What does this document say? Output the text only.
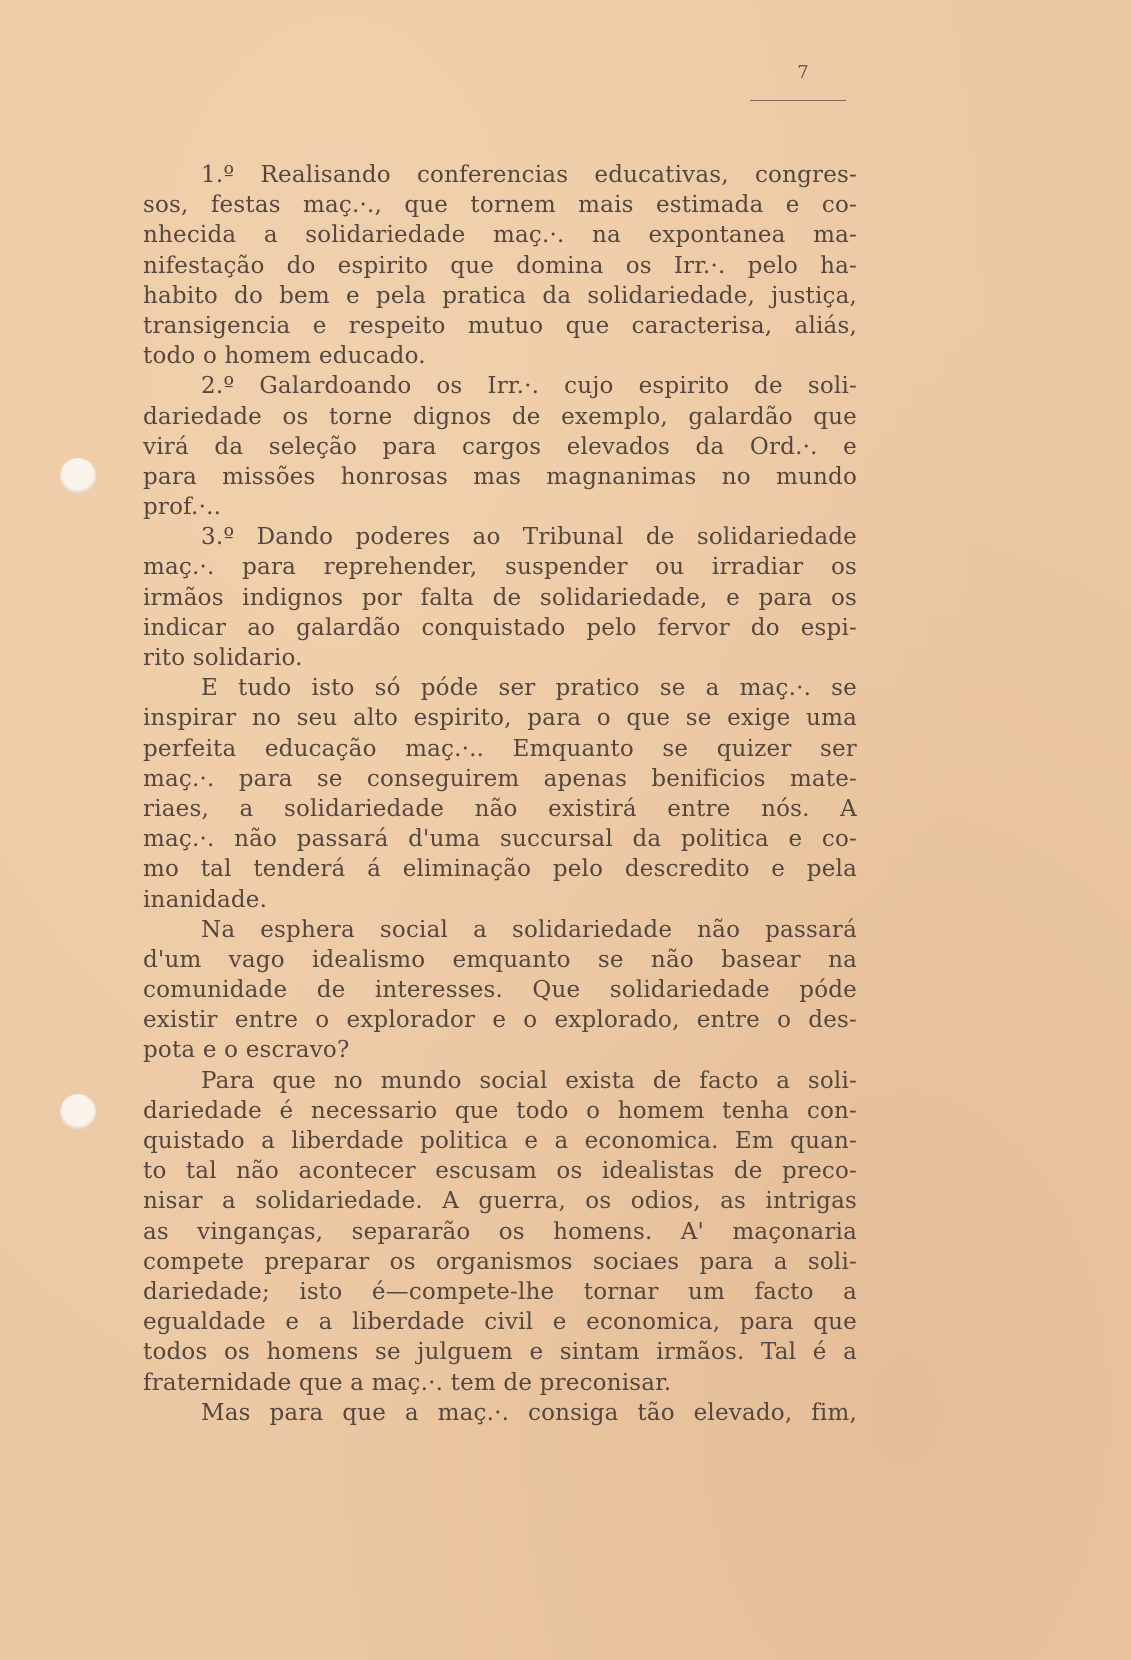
7
1.º Realisando conferencias educativas, congres-
sos, festas maç.·., que tornem mais estimada e co-
nhecida a solidariedade maç.·. na expontanea ma-
nifestação do espirito que domina os Irr.·. pelo ha-
habito do bem e pela pratica da solidariedade, justiça,
transigencia e respeito mutuo que caracterisa, aliás,
todo o homem educado.
2.º Galardoando os Irr.·. cujo espirito de soli-
dariedade os torne dignos de exemplo, galardão que
virá da seleção para cargos elevados da Ord.·. e
para missões honrosas mas magnanimas no mundo
prof.·..
3.º Dando poderes ao Tribunal de solidariedade
maç.·. para reprehender, suspender ou irradiar os
irmãos indignos por falta de solidariedade, e para os
indicar ao galardão conquistado pelo fervor do espi-
rito solidario.
E tudo isto só póde ser pratico se a maç.·. se
inspirar no seu alto espirito, para o que se exige uma
perfeita educação maç.·.. Emquanto se quizer ser
maç.·. para se conseguirem apenas benificios mate-
riaes, a solidariedade não existirá entre nós. A
maç.·. não passará d'uma succursal da politica e co-
mo tal tenderá á eliminação pelo descredito e pela
inanidade.
Na esphera social a solidariedade não passará
d'um vago idealismo emquanto se não basear na
comunidade de interesses. Que solidariedade póde
existir entre o explorador e o explorado, entre o des-
pota e o escravo?
Para que no mundo social exista de facto a soli-
dariedade é necessario que todo o homem tenha con-
quistado a liberdade politica e a economica. Em quan-
to tal não acontecer escusam os idealistas de preco-
nisar a solidariedade. A guerra, os odios, as intrigas
as vinganças, separarão os homens. A' maçonaria
compete preparar os organismos sociaes para a soli-
dariedade; isto é—compete-lhe tornar um facto a
egualdade e a liberdade civil e economica, para que
todos os homens se julguem e sintam irmãos. Tal é a
fraternidade que a maç.·. tem de preconisar.
Mas para que a maç.·. consiga tão elevado, fim,
